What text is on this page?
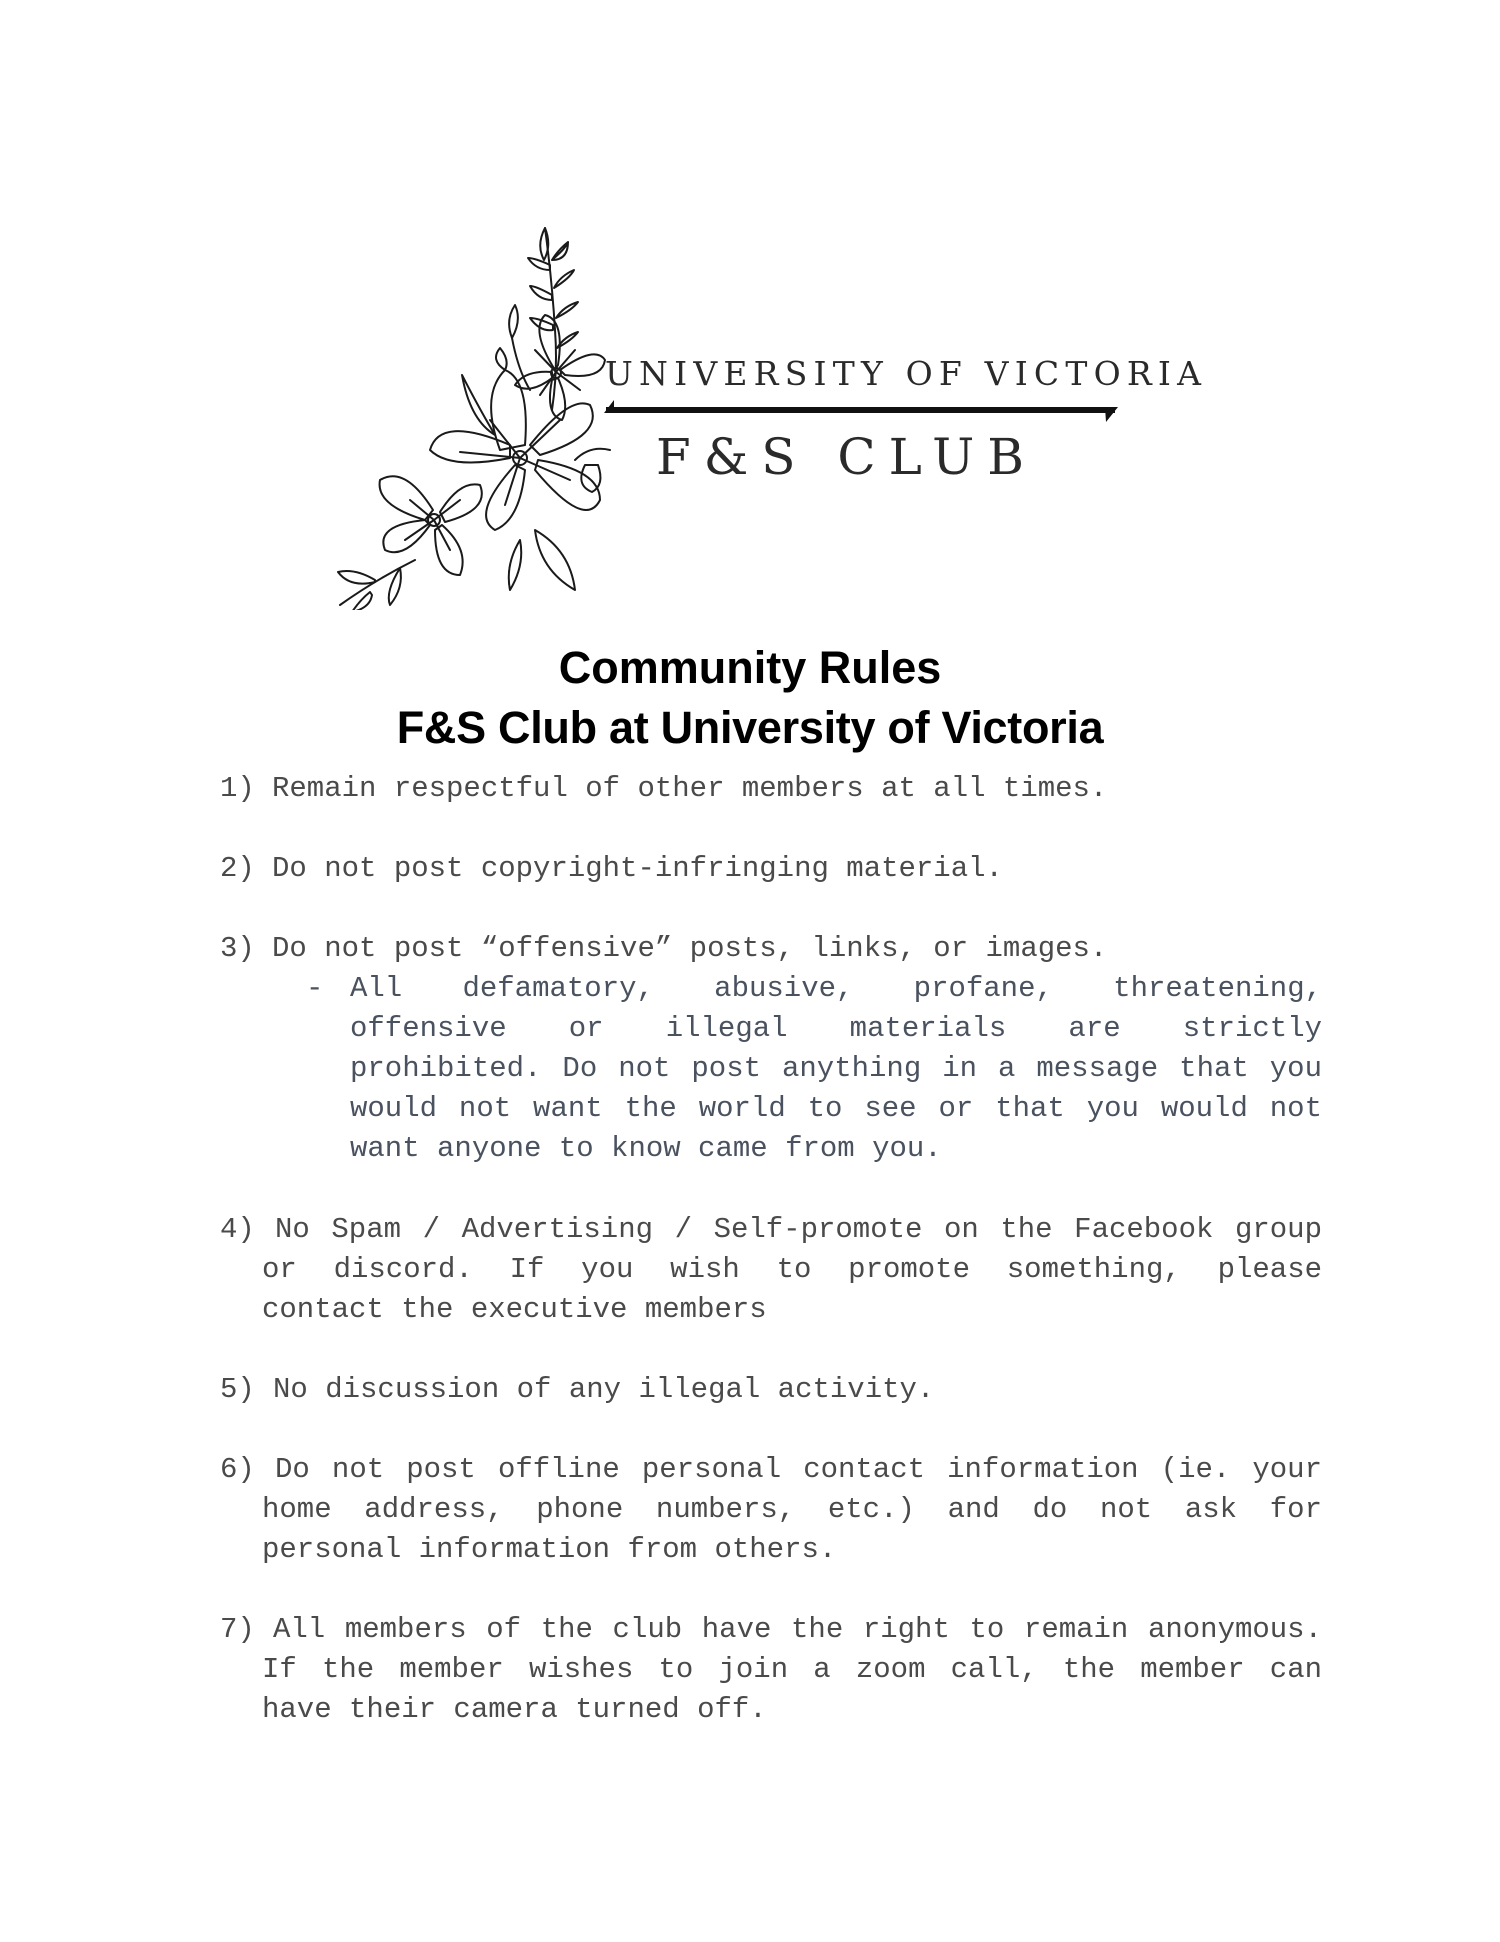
UNIVERSITY OF VICTORIA
F&S CLUB
Community Rules
F&S Club at University of Victoria
1) Remain respectful of other members at all times.
2) Do not post copyright-infringing material.
3) Do not post “offensive” posts, links, or images.
- All defamatory, abusive, profane, threatening,
offensive or illegal materials are strictly
prohibited. Do not post anything in a message that you
would not want the world to see or that you would not
want anyone to know came from you.
4) No Spam / Advertising / Self-promote on the Facebook group
or discord. If you wish to promote something, please
contact the executive members
5) No discussion of any illegal activity.
6) Do not post offline personal contact information (ie. your
home address, phone numbers, etc.) and do not ask for
personal information from others.
7) All members of the club have the right to remain anonymous.
If the member wishes to join a zoom call, the member can
have their camera turned off.
